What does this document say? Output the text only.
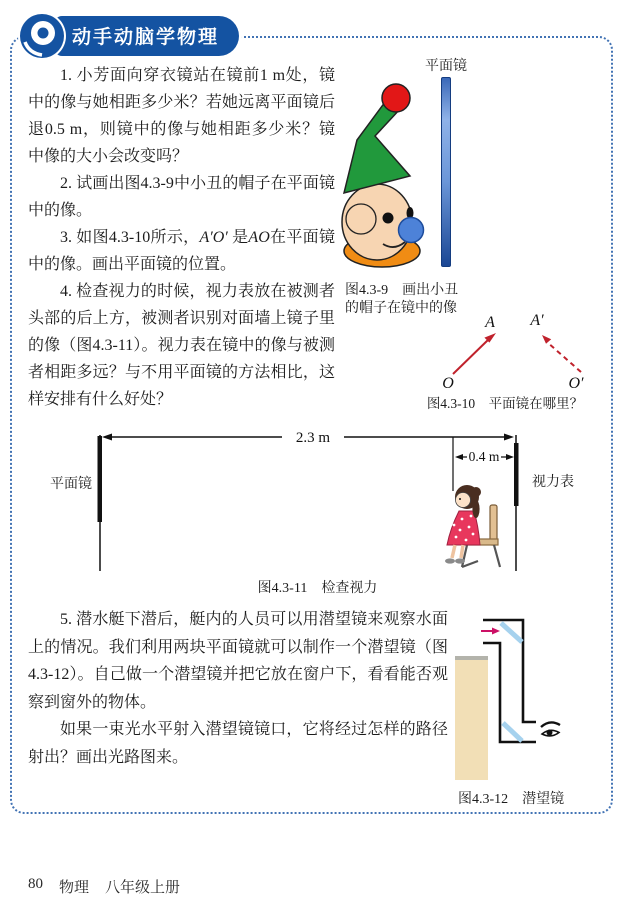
动手动脑学物理

1. 小芳面向穿衣镜站在镜前1 m处，镜中的像与她相距多少米？若她远离平面镜后退0.5 m，则镜中的像与她相距多少米？镜中像的大小会改变吗？

2. 试画出图4.3-9中小丑的帽子在平面镜中的像。

3. 如图4.3-10所示，A′O′ 是AO在平面镜中的像。画出平面镜的位置。

4. 检查视力的时候，视力表放在被测者头部的后上方，被测者识别对面墙上镜子里的像（图4.3-11）。视力表在镜中的像与被测者相距多远？与不用平面镜的方法相比，这样安排有什么好处？

平面镜
图4.3-9　画出小丑
的帽子在镜中的像
A A′
O	O′
图4.3-10　平面镜在哪里？
2.3 m
0.4 m
平面镜	视力表
图4.3-11　检查视力

5. 潜水艇下潜后，艇内的人员可以用潜望镜来观察水面上的情况。我们利用两块平面镜就可以制作一个潜望镜（图4.3-12）。自己做一个潜望镜并把它放在窗户下，看看能否观察到窗外的物体。

如果一束光水平射入潜望镜镜口，它将经过怎样的路径射出？画出光路图来。

图4.3-12　潜望镜
80 物理 八年级上册
